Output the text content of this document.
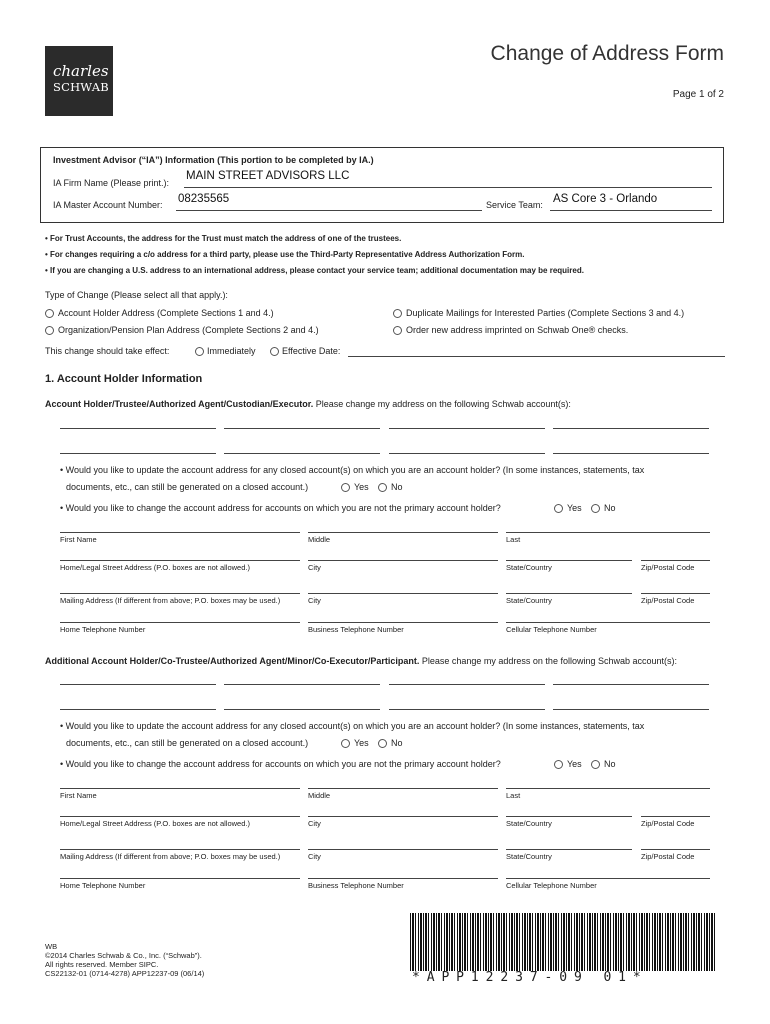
charles
SCHWAB
Change of Address Form
Page 1 of 2
Investment Advisor (“IA”) Information (This portion to be completed by IA.)
IA Firm Name (Please print.):
MAIN STREET ADVISORS LLC
IA Master Account Number: 08235565	Service Team: AS Core 3 - Orlando
• For Trust Accounts, the address for the Trust must match the address of one of the trustees.
• For changes requiring a c/o address for a third party, please use the Third-Party Representative Address Authorization Form.
• If you are changing a U.S. address to an international address, please contact your service team; additional documentation may be required.
Type of Change (Please select all that apply.):
Account Holder Address (Complete Sections 1 and 4.)	Duplicate Mailings for Interested Parties (Complete Sections 3 and 4.)
Organization/Pension Plan Address (Complete Sections 2 and 4.)	Order new address imprinted on Schwab One® checks.
This change should take effect:	Immediately	Effective Date:
1. Account Holder Information
Account Holder/Trustee/Authorized Agent/Custodian/Executor. Please change my address on the following Schwab account(s):
• Would you like to update the account address for any closed account(s) on which you are an account holder? (In some instances, statements, tax
documents, etc., can still be generated on a closed account.)	Yes No
• Would you like to change the account address for accounts on which you are not the primary account holder?	Yes No
First Name	Middle	Last
Home/Legal Street Address (P.O. boxes are not allowed.)	City	State/Country	Zip/Postal Code
Mailing Address (If different from above; P.O. boxes may be used.)	City	State/Country	Zip/Postal Code
Home Telephone Number	Business Telephone Number	Cellular Telephone Number
Additional Account Holder/Co-Trustee/Authorized Agent/Minor/Co-Executor/Participant. Please change my address on the following Schwab account(s):
• Would you like to update the account address for any closed account(s) on which you are an account holder? (In some instances, statements, tax
documents, etc., can still be generated on a closed account.)	Yes No
• Would you like to change the account address for accounts on which you are not the primary account holder?	Yes No
First Name	Middle	Last
Home/Legal Street Address (P.O. boxes are not allowed.)	City	State/Country	Zip/Postal Code
Mailing Address (If different from above; P.O. boxes may be used.)	City	State/Country	Zip/Postal Code
Home Telephone Number	Business Telephone Number	Cellular Telephone Number
WB
©2014 Charles Schwab & Co., Inc. (“Schwab”).
All rights reserved. Member SIPC.
CS22132-01 (0714-4278) APP12237-09 (06/14)	*APP12237-09 01*
